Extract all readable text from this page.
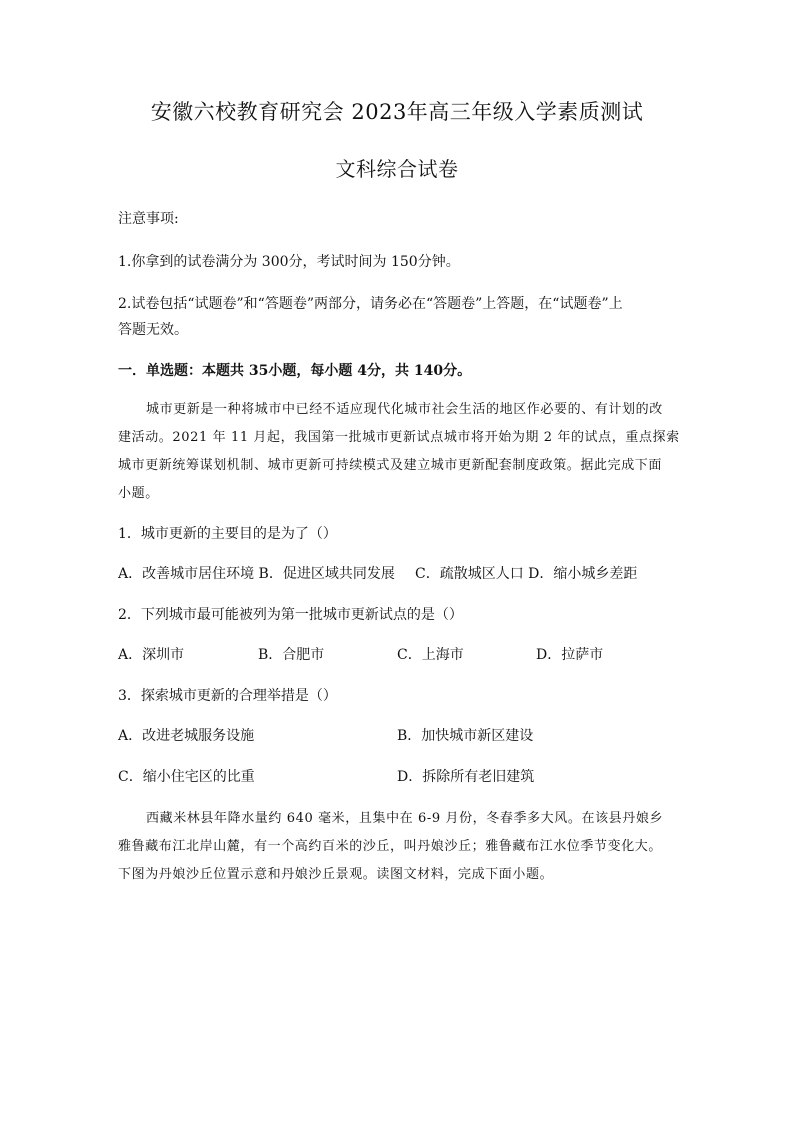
安徽六校教育研究会 2023年高三年级入学素质测试
文科综合试卷
注意事项:
1.你拿到的试卷满分为 300分，考试时间为 150分钟。
2.试卷包括“试题卷”和“答题卷”两部分，请务必在“答题卷”上答题，在“试题卷”上
答题无效。
一．单选题：本题共 35小题，每小题 4分，共 140分。
城市更新是一种将城市中已经不适应现代化城市社会生活的地区作必要的、有计划的改
建活动。2021 年 11 月起，我国第一批城市更新试点城市将开始为期 2 年的试点，重点探索
城市更新统筹谋划机制、城市更新可持续模式及建立城市更新配套制度政策。据此完成下面
小题。
1．城市更新的主要目的是为了（）
A．改善城市居住环境 B．促进区域共同发展 C．疏散城区人口 D．缩小城乡差距
2．下列城市最可能被列为第一批城市更新试点的是（）
A．深圳市	B．合肥市	C．上海市	D．拉萨市
3．探索城市更新的合理举措是（）
A．改进老城服务设施	B．加快城市新区建设
C．缩小住宅区的比重	D．拆除所有老旧建筑
西藏米林县年降水量约 640 毫米，且集中在 6-9 月份，冬春季多大风。在该县丹娘乡
雅鲁藏布江北岸山麓，有一个高约百米的沙丘，叫丹娘沙丘；雅鲁藏布江水位季节变化大。
下图为丹娘沙丘位置示意和丹娘沙丘景观。读图文材料，完成下面小题。
